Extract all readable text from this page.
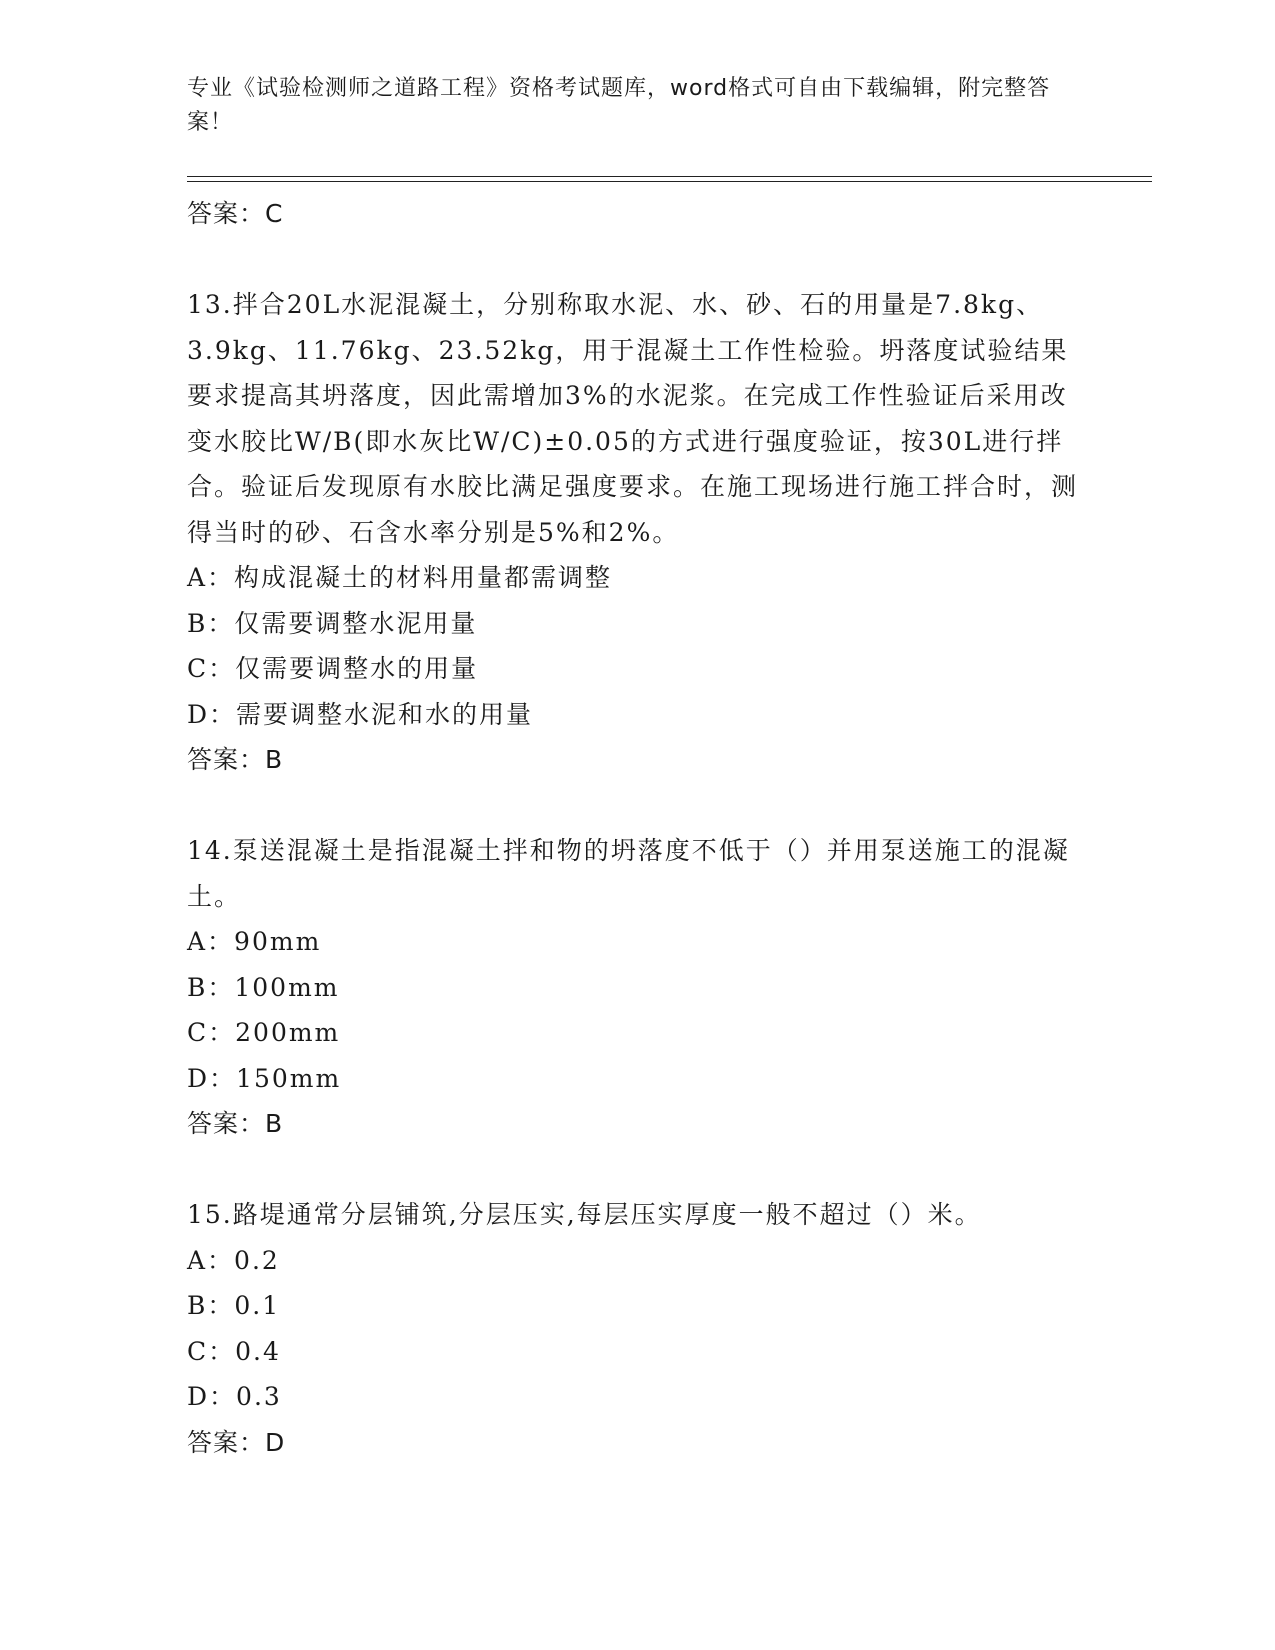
专业《试验检测师之道路工程》资格考试题库，word格式可自由下载编辑，附完整答案！
答案：C
13.拌合20L水泥混凝土，分别称取水泥、水、砂、石的用量是7.8kg、3.9kg、11.76kg、23.52kg，用于混凝土工作性检验。坍落度试验结果要求提高其坍落度，因此需增加3%的水泥浆。在完成工作性验证后采用改变水胶比W/B(即水灰比W/C)±0.05的方式进行强度验证，按30L进行拌合。验证后发现原有水胶比满足强度要求。在施工现场进行施工拌合时，测得当时的砂、石含水率分别是5%和2%。
A：构成混凝土的材料用量都需调整
B：仅需要调整水泥用量
C：仅需要调整水的用量
D：需要调整水泥和水的用量
答案：B
14.泵送混凝土是指混凝土拌和物的坍落度不低于（）并用泵送施工的混凝土。
A：90mm
B：100mm
C：200mm
D：150mm
答案：B
15.路堤通常分层铺筑,分层压实,每层压实厚度一般不超过（）米。
A：0.2
B：0.1
C：0.4
D：0.3
答案：D
